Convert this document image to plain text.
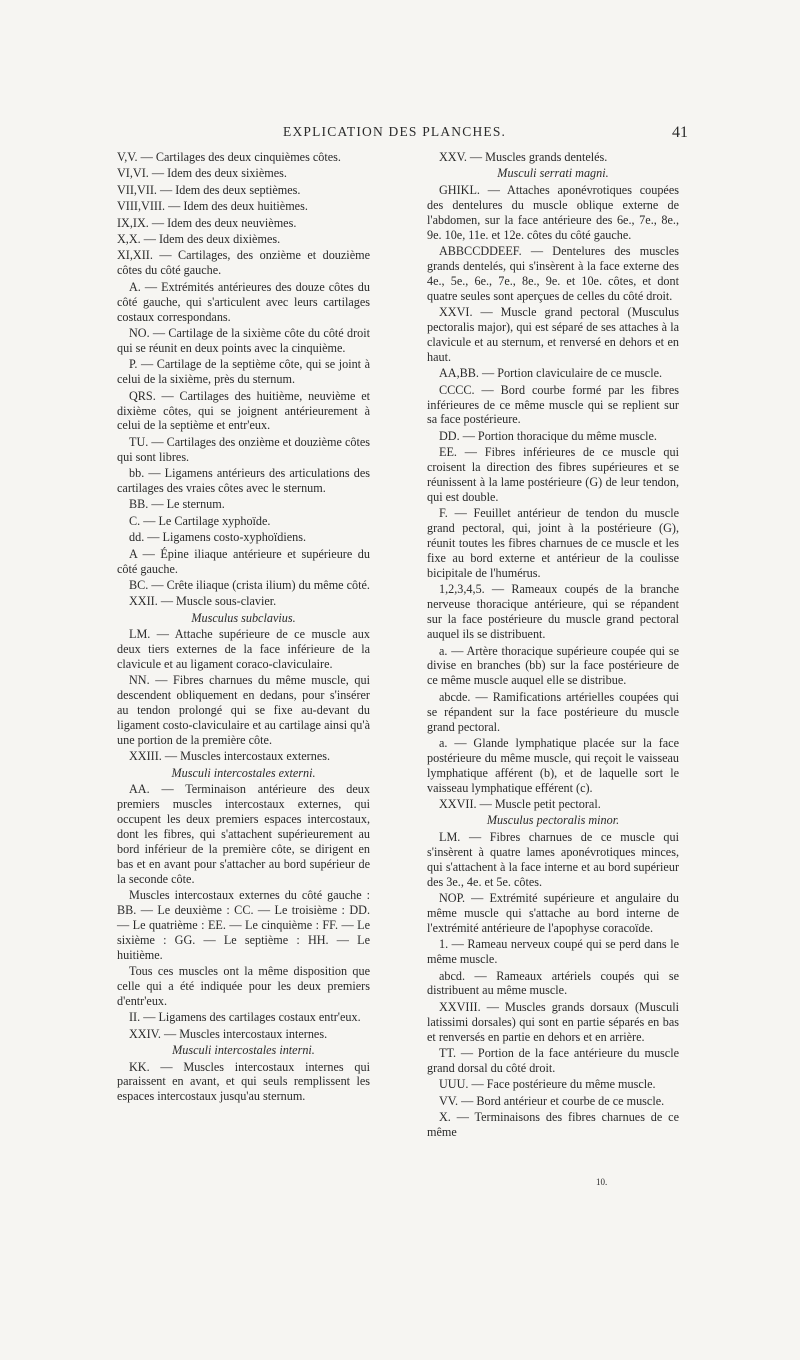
EXPLICATION DES PLANCHES.	41

V,V. — Cartilages des deux cinquièmes côtes.

VI,VI. — Idem des deux sixièmes.

VII,VII. — Idem des deux septièmes.

VIII,VIII. — Idem des deux huitièmes.

IX,IX. — Idem des deux neuvièmes.

X,X. — Idem des deux dixièmes.

XI,XII. — Cartilages, des onzième et douzième côtes du côté gauche.

A. — Extrémités antérieures des douze côtes du côté gauche, qui s'articulent avec leurs cartilages costaux correspondans.

NO. — Cartilage de la sixième côte du côté droit qui se réunit en deux points avec la cinquième.

P. — Cartilage de la septième côte, qui se joint à celui de la sixième, près du sternum.

QRS. — Cartilages des huitième, neuvième et dixième côtes, qui se joignent antérieurement à celui de la septième et entr'eux.

TU. — Cartilages des onzième et douzième côtes qui sont libres.

bb. — Ligamens antérieurs des articulations des cartilages des vraies côtes avec le sternum.

BB. — Le sternum.

C. — Le Cartilage xyphoïde.

dd. — Ligamens costo-xyphoïdiens.

A — Épine iliaque antérieure et supérieure du côté gauche.

BC. — Crête iliaque (crista ilium) du même côté.

XXII. — Muscle sous-clavier.

Musculus subclavius.

LM. — Attache supérieure de ce muscle aux deux tiers externes de la face inférieure de la clavicule et au ligament coraco-claviculaire.

NN. — Fibres charnues du même muscle, qui descendent obliquement en dedans, pour s'insérer au tendon prolongé qui se fixe au-devant du ligament costo-claviculaire et au cartilage ainsi qu'à une portion de la première côte.

XXIII. — Muscles intercostaux externes.

Musculi intercostales externi.

AA. — Terminaison antérieure des deux premiers muscles intercostaux externes, qui occupent les deux premiers espaces intercostaux, dont les fibres, qui s'attachent supérieurement au bord inférieur de la première côte, se dirigent en bas et en avant pour s'attacher au bord supérieur de la seconde côte.

Muscles intercostaux externes du côté gauche : BB. — Le deuxième : CC. — Le troisième : DD. — Le quatrième : EE. — Le cinquième : FF. — Le sixième : GG. — Le septième : HH. — Le huitième.

Tous ces muscles ont la même disposition que celle qui a été indiquée pour les deux premiers d'entr'eux.

II. — Ligamens des cartilages costaux entr'eux.

XXIV. — Muscles intercostaux internes.

Musculi intercostales interni.

KK. — Muscles intercostaux internes qui paraissent en avant, et qui seuls remplissent les espaces intercostaux jusqu'au sternum.

XXV. — Muscles grands dentelés.

Musculi serrati magni.

GHIKL. — Attaches aponévrotiques coupées des dentelures du muscle oblique externe de l'abdomen, sur la face antérieure des 6e., 7e., 8e., 9e. 10e, 11e. et 12e. côtes du côté gauche.

ABBCCDDEEF. — Dentelures des muscles grands dentelés, qui s'insèrent à la face externe des 4e., 5e., 6e., 7e., 8e., 9e. et 10e. côtes, et dont quatre seules sont aperçues de celles du côté droit.

XXVI. — Muscle grand pectoral (Musculus pectoralis major), qui est séparé de ses attaches à la clavicule et au sternum, et renversé en dehors et en haut.

AA,BB. — Portion claviculaire de ce muscle.

CCCC. — Bord courbe formé par les fibres inférieures de ce même muscle qui se replient sur sa face postérieure.

DD. — Portion thoracique du même muscle.

EE. — Fibres inférieures de ce muscle qui croisent la direction des fibres supérieures et se réunissent à la lame postérieure (G) de leur tendon, qui est double.

F. — Feuillet antérieur de tendon du muscle grand pectoral, qui, joint à la postérieure (G), réunit toutes les fibres charnues de ce muscle et les fixe au bord externe et antérieur de la coulisse bicipitale de l'humérus.

1,2,3,4,5. — Rameaux coupés de la branche nerveuse thoracique antérieure, qui se répandent sur la face postérieure du muscle grand pectoral auquel ils se distribuent.

a. — Artère thoracique supérieure coupée qui se divise en branches (bb) sur la face postérieure de ce même muscle auquel elle se distribue.

abcde. — Ramifications artérielles coupées qui se répandent sur la face postérieure du muscle grand pectoral.

a. — Glande lymphatique placée sur la face postérieure du même muscle, qui reçoit le vaisseau lymphatique afférent (b), et de laquelle sort le vaisseau lymphatique efférent (c).

XXVII. — Muscle petit pectoral.

Musculus pectoralis minor.

LM. — Fibres charnues de ce muscle qui s'insèrent à quatre lames aponévrotiques minces, qui s'attachent à la face interne et au bord supérieur des 3e., 4e. et 5e. côtes.

NOP. — Extrémité supérieure et angulaire du même muscle qui s'attache au bord interne de l'extrémité antérieure de l'apophyse coracoïde.

1. — Rameau nerveux coupé qui se perd dans le même muscle.

abcd. — Rameaux artériels coupés qui se distribuent au même muscle.

XXVIII. — Muscles grands dorsaux (Musculi latissimi dorsales) qui sont en partie séparés en bas et renversés en partie en dehors et en arrière.

TT. — Portion de la face antérieure du muscle grand dorsal du côté droit.

UUU. — Face postérieure du même muscle.

VV. — Bord antérieur et courbe de ce muscle.

X. — Terminaisons des fibres charnues de ce même

10.
